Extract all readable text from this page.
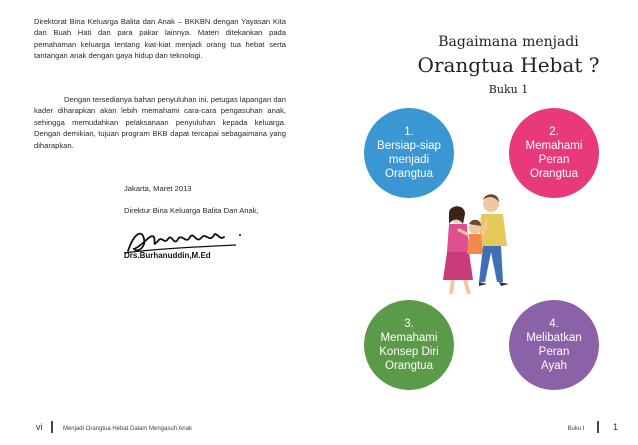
Direktorat Bina Keluarga Balita dan Anak – BKKBN dengan Yayasan Kita dan Buah Hati dan para pakar lainnya. Materi ditekankan pada pemahaman keluarga tentang kiat-kiat menjadi orang tua hebat serta tantangan anak dengan gaya hidup dan teknologi.

Dengan tersedianya bahan penyuluhan ini, petugas lapangan dan kader diharapkan akan lebih memahami cara-cara pengasuhan anak, sehingga memudahkan pelaksanaan penyuluhan kepada keluarga. Dengan demikian, tujuan program BKB dapat tercapai sebagaimana yang diharapkan.

Jakarta, Maret 2013
Direktur Bina Keluarga Balita Dan Anak,
Drs.Burhanuddin,M.Ed
vi	Menjadi Orangtua Hebat Dalam Mengasuh Anak
Bagaimana menjadi
Orangtua Hebat ?
Buku 1
1.
Bersiap-siap
menjadi
Orangtua
2.
Memahami
Peran
Orangtua
3.
Memahami
Konsep Diri
Orangtua
4.
Melibatkan
Peran
Ayah
Buku I	1
